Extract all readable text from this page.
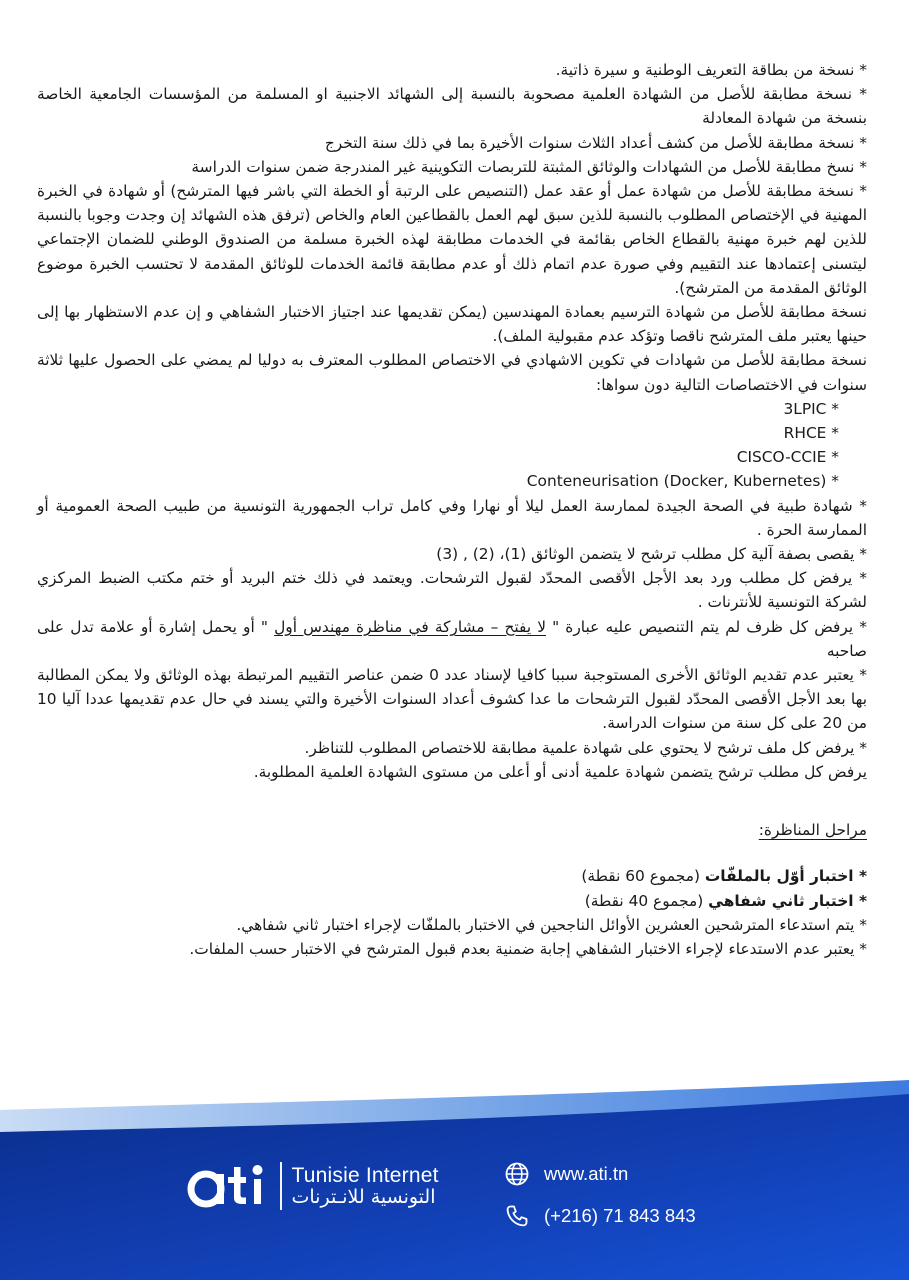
* نسخة من بطاقة التعريف الوطنية و سيرة ذاتية.

* نسخة مطابقة للأصل من الشهادة العلمية مصحوبة بالنسبة إلى الشهائد الاجنبية او المسلمة من المؤسسات الجامعية الخاصة بنسخة من شهادة المعادلة

* نسخة مطابقة للأصل من كشف أعداد الثلاث سنوات الأخيرة بما في ذلك سنة التخرج

* نسخ مطابقة للأصل من الشهادات والوثائق المثبتة للتربصات التكوينية غير المندرجة ضمن سنوات الدراسة

* نسخة مطابقة للأصل من شهادة عمل أو عقد عمل (التنصيص على الرتبة أو الخطة التي باشر فيها المترشح) أو شهادة في الخبرة المهنية في الإختصاص المطلوب بالنسبة للذين سبق لهم العمل بالقطاعين العام والخاص (ترفق هذه الشهائد إن وجدت وجوبا بالنسبة للذين لهم خبرة مهنية بالقطاع الخاص بقائمة في الخدمات مطابقة لهذه الخبرة مسلمة من الصندوق الوطني للضمان الإجتماعي ليتسنى إعتمادها عند التقييم وفي صورة عدم اتمام ذلك أو عدم مطابقة قائمة الخدمات للوثائق المقدمة لا تحتسب الخبرة موضوع الوثائق المقدمة من المترشح).

نسخة مطابقة للأصل من شهادة الترسيم بعمادة المهندسين (يمكن تقديمها عند اجتياز الاختبار الشفاهي و إن عدم الاستظهار بها إلى حينها يعتبر ملف المترشح ناقصا وتؤكد عدم مقبولية الملف).

نسخة مطابقة للأصل من شهادات في تكوين الاشهادي في الاختصاص المطلوب المعترف به دوليا لم يمضي على الحصول عليها ثلاثة سنوات في الاختصاصات التالية دون سواها:

3LPIC *

RHCE *

CISCO-CCIE *

Conteneurisation (Docker, Kubernetes) *

* شهادة طبية في الصحة الجيدة لممارسة العمل ليلا أو نهارا وفي كامل تراب الجمهورية التونسية من طبيب الصحة العمومية أو الممارسة الحرة .

* يقصى بصفة آلية كل مطلب ترشح لا يتضمن الوثائق (1)، (2) , (3)

* يرفض كل مطلب ورد بعد الأجل الأقصى المحدّد لقبول الترشحات. ويعتمد في ذلك ختم البريد أو ختم مكتب الضبط المركزي لشركة التونسية للأنترنات .

* يرفض كل ظرف لم يتم التنصيص عليه عبارة " لا يفتح – مشاركة في مناظرة مهندس أول " أو يحمل إشارة أو علامة تدل على صاحبه

* يعتبر عدم تقديم الوثائق الأخرى المستوجبة سببا كافيا لإسناد عدد 0 ضمن عناصر التقييم المرتبطة بهذه الوثائق ولا يمكن المطالبة بها بعد الأجل الأقصى المحدّد لقبول الترشحات ما عدا كشوف أعداد السنوات الأخيرة والتي يسند في حال عدم تقديمها عددا آليا 10 من 20 على كل سنة من سنوات الدراسة.

* يرفض كل ملف ترشح لا يحتوي على شهادة علمية مطابقة للاختصاص المطلوب للتناظر.

يرفض كل مطلب ترشح يتضمن شهادة علمية أدنى أو أعلى من مستوى الشهادة العلمية المطلوبة.

مراحل المناظرة:

* اختبار أوّل بالملفّات (مجموع 60 نقطة)

* اختبار ثاني شفاهي (مجموع 40 نقطة)

* يتم استدعاء المترشحين العشرين الأوائل الناجحين في الاختبار بالملفّات لإجراء اختبار ثاني شفاهي.

* يعتبر عدم الاستدعاء لإجراء الاختبار الشفاهي إجابة ضمنية بعدم قبول المترشح في الاختبار حسب الملفات.

Tunisie Internet
التونسية للانـترنات
www.ati.tn
(+216) 71 843 843
